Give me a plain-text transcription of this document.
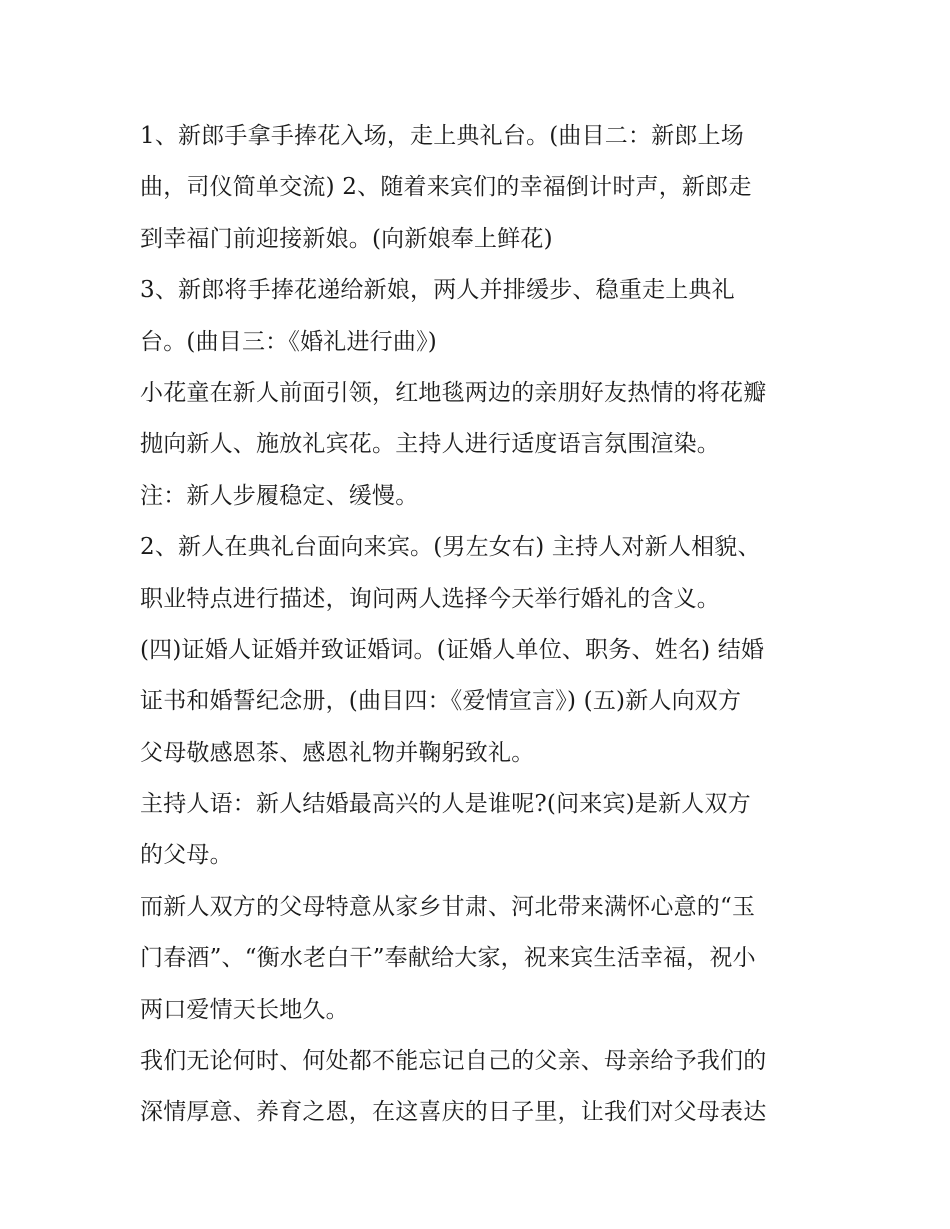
1、新郎手拿手捧花入场，走上典礼台。(曲目二：新郎上场
曲，司仪简单交流) 2、随着来宾们的幸福倒计时声，新郎走
到幸福门前迎接新娘。(向新娘奉上鲜花)
3、新郎将手捧花递给新娘，两人并排缓步、稳重走上典礼
台。(曲目三：《婚礼进行曲》)
小花童在新人前面引领，红地毯两边的亲朋好友热情的将花瓣
抛向新人、施放礼宾花。主持人进行适度语言氛围渲染。
注：新人步履稳定、缓慢。
2、新人在典礼台面向来宾。(男左女右) 主持人对新人相貌、
职业特点进行描述，询问两人选择今天举行婚礼的含义。
(四)证婚人证婚并致证婚词。(证婚人单位、职务、姓名) 结婚
证书和婚誓纪念册，(曲目四：《爱情宣言》) (五)新人向双方
父母敬感恩茶、感恩礼物并鞠躬致礼。
主持人语：新人结婚最高兴的人是谁呢?(问来宾)是新人双方
的父母。
而新人双方的父母特意从家乡甘肃、河北带来满怀心意的“玉
门春酒”、“衡水老白干”奉献给大家，祝来宾生活幸福，祝小
两口爱情天长地久。
我们无论何时、何处都不能忘记自己的父亲、母亲给予我们的
深情厚意、养育之恩，在这喜庆的日子里，让我们对父母表达
